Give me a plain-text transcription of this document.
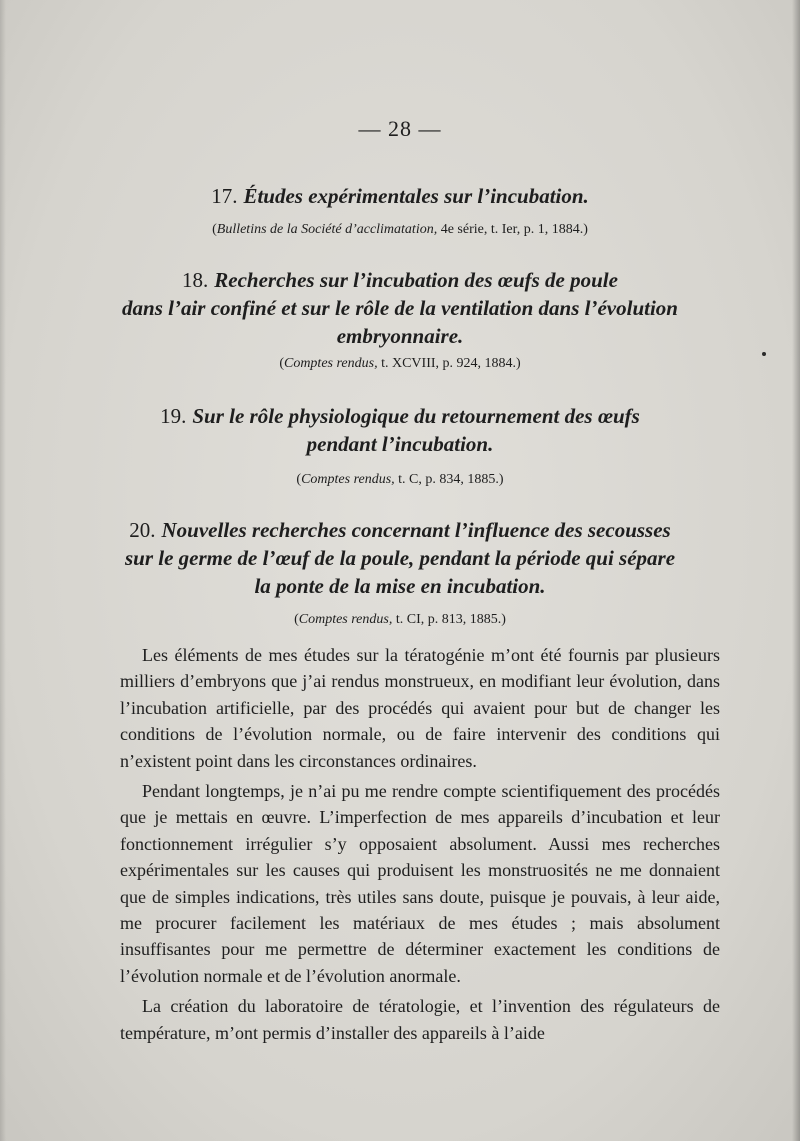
— 28 —
17. Études expérimentales sur l’incubation.
(Bulletins de la Société d’acclimatation, 4e série, t. Ier, p. 1, 1884.)
18. Recherches sur l’incubation des œufs de poule
dans l’air confiné et sur le rôle de la ventilation dans l’évolution
embryonnaire.
(Comptes rendus, t. XCVIII, p. 924, 1884.)
19. Sur le rôle physiologique du retournement des œufs
pendant l’incubation.
(Comptes rendus, t. C, p. 834, 1885.)
20. Nouvelles recherches concernant l’influence des secousses
sur le germe de l’œuf de la poule, pendant la période qui sépare
la ponte de la mise en incubation.
(Comptes rendus, t. CI, p. 813, 1885.)

Les éléments de mes études sur la tératogénie m’ont été fournis par plusieurs milliers d’embryons que j’ai rendus monstrueux, en modifiant leur évolution, dans l’incubation artificielle, par des procédés qui avaient pour but de changer les conditions de l’évolution normale, ou de faire intervenir des conditions qui n’existent point dans les circonstances ordinaires.

Pendant longtemps, je n’ai pu me rendre compte scientifiquement des procédés que je mettais en œuvre. L’imperfection de mes appareils d’incubation et leur fonctionnement irrégulier s’y opposaient absolument. Aussi mes recherches expérimentales sur les causes qui produisent les monstruosités ne me donnaient que de simples indications, très utiles sans doute, puisque je pouvais, à leur aide, me procurer facilement les matériaux de mes études ; mais absolument insuffisantes pour me permettre de déterminer exactement les conditions de l’évolution normale et de l’évolution anormale.

La création du laboratoire de tératologie, et l’invention des régulateurs de température, m’ont permis d’installer des appareils à l’aide
